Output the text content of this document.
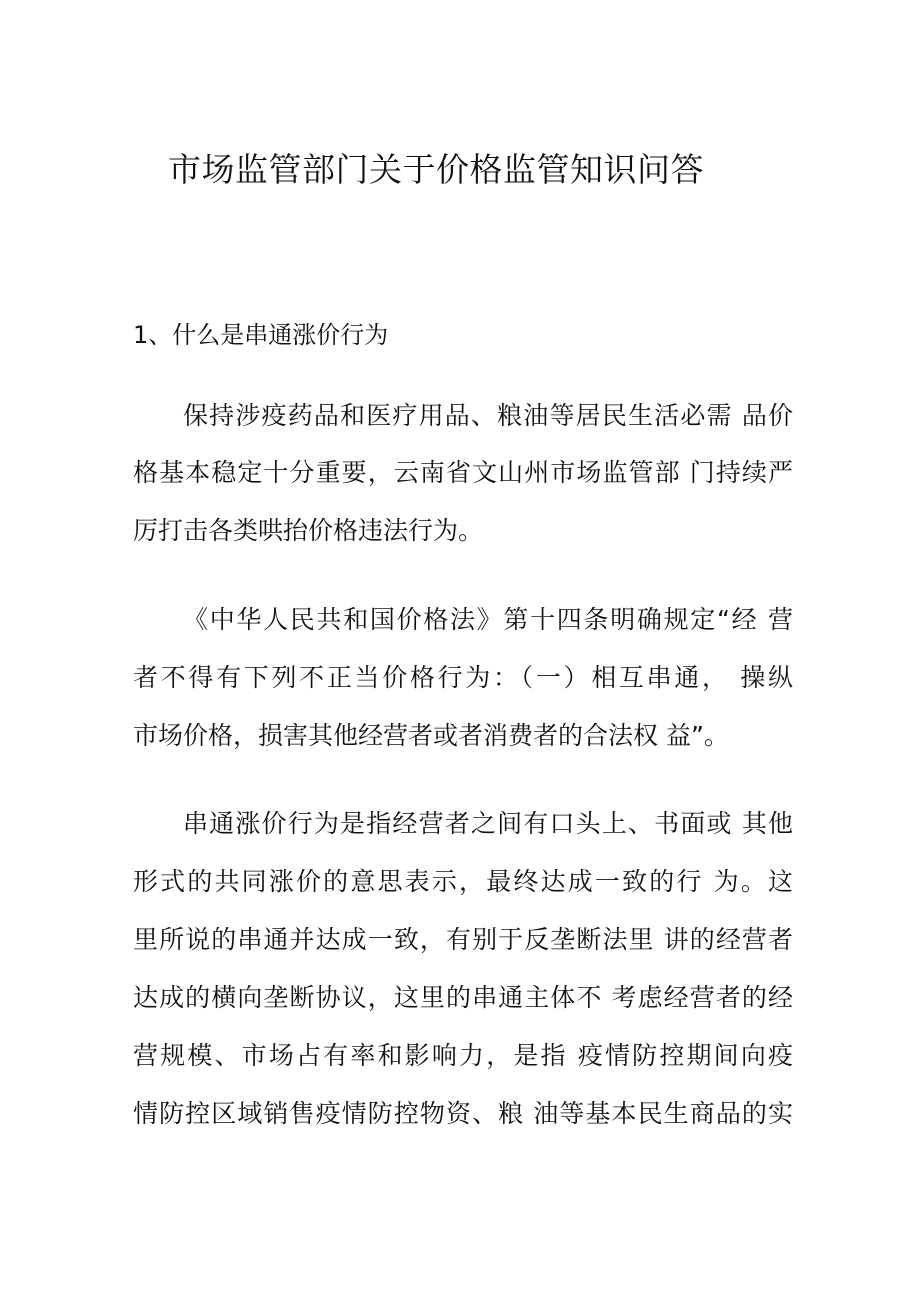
市场监管部门关于价格监管知识问答
1、什么是串通涨价行为
保持涉疫药品和医疗用品、粮油等居民生活必需 品价
格基本稳定十分重要，云南省文山州市场监管部 门持续严
厉打击各类哄抬价格违法行为。
《中华人民共和国价格法》第十四条明确规定“经 营
者不得有下列不正当价格行为：（一）相互串通， 操纵
市场价格，损害其他经营者或者消费者的合法权 益”。
串通涨价行为是指经营者之间有口头上、书面或 其他
形式的共同涨价的意思表示，最终达成一致的行 为。这
里所说的串通并达成一致，有别于反垄断法里 讲的经营者
达成的横向垄断协议，这里的串通主体不 考虑经营者的经
营规模、市场占有率和影响力，是指 疫情防控期间向疫
情防控区域销售疫情防控物资、粮 油等基本民生商品的实
